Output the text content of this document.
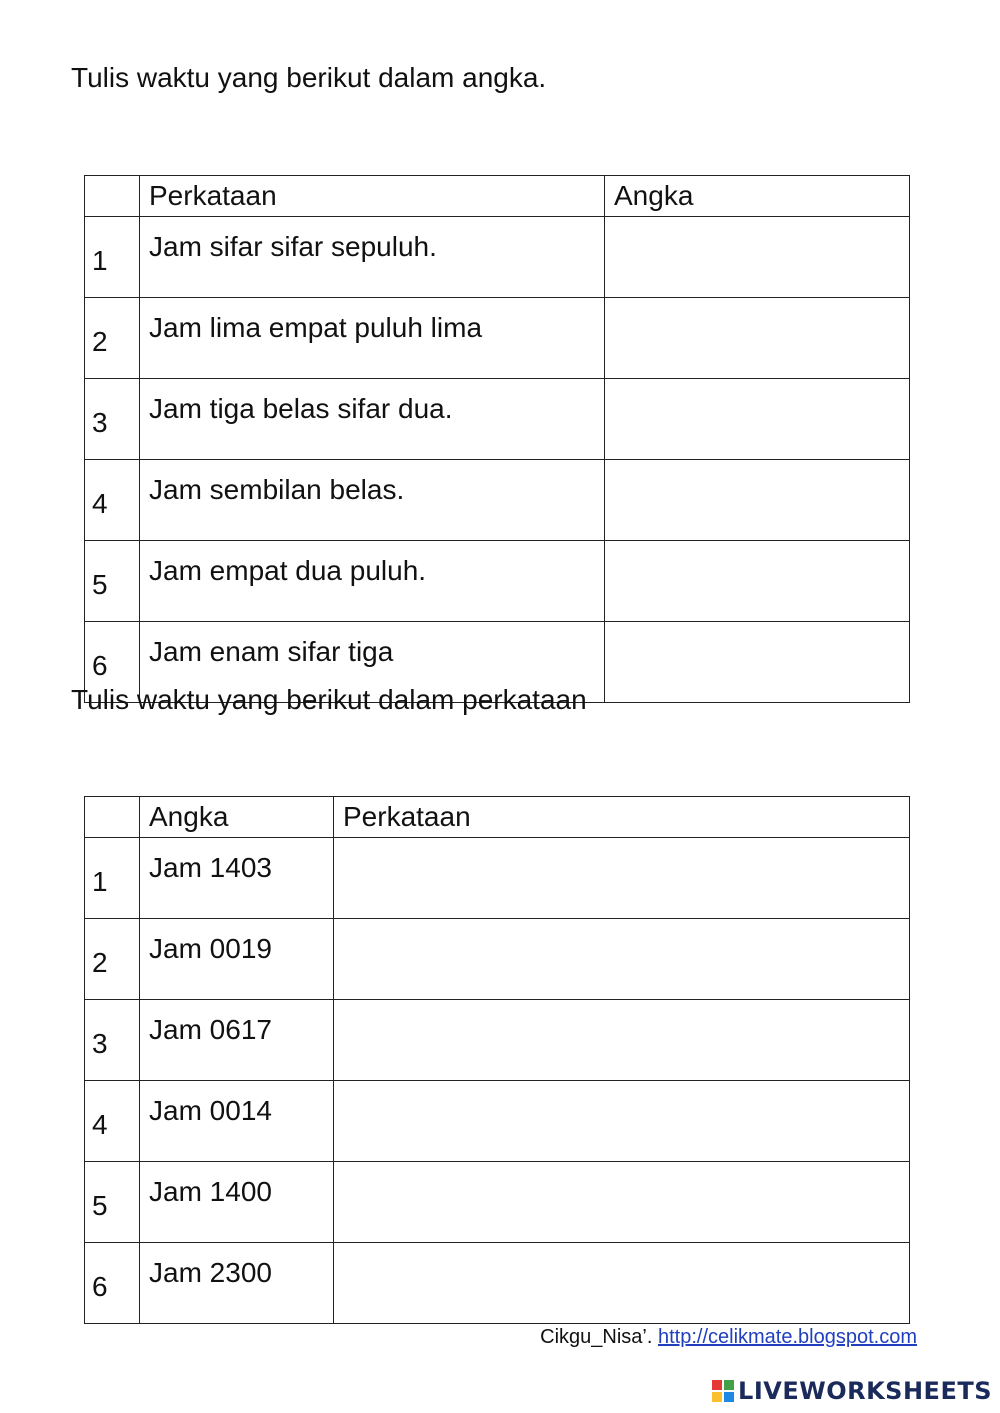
Tulis waktu yang berikut dalam angka.
	Perkataan	Angka
1	Jam sifar sifar sepuluh.	
2	Jam lima empat puluh lima	
3	Jam tiga belas sifar dua.	
4	Jam sembilan belas.	
5	Jam empat dua puluh.	
6	Jam enam sifar tiga	
Tulis waktu yang berikut dalam perkataan
	Angka	Perkataan
1	Jam 1403	
2	Jam 0019	
3	Jam 0617	
4	Jam 0014	
5	Jam 1400	
6	Jam 2300	
Cikgu_Nisa’. http://celikmate.blogspot.com
LIVEWORKSHEETS
